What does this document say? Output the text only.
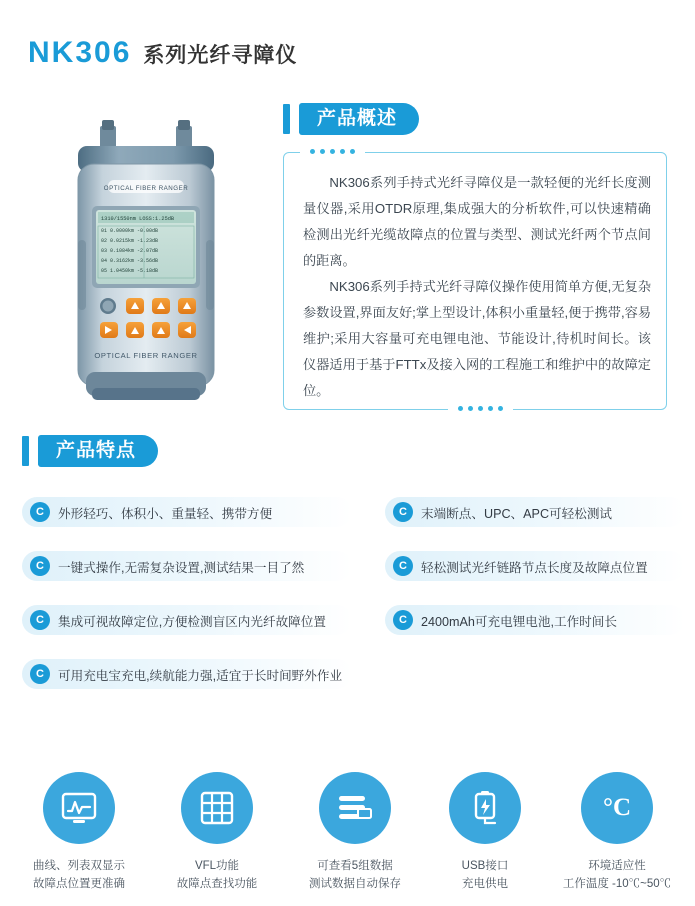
NK306 系列光纤寻障仪
OPTICAL FIBER RANGER
1310/1550nm LOSS:1.25dB
01 0.0000km -0.00dB
02 0.0215km -1.23dB
03 0.1084km -2.07dB
04 0.3162km -3.56dB
05 1.0450km -5.18dB
OPTICAL FIBER RANGER
产品概述

NK306系列手持式光纤寻障仪是一款轻便的光纤长度测量仪器,采用OTDR原理,集成强大的分析软件,可以快速精确检测出光纤光缆故障点的位置与类型、测试光纤两个节点间的距离。

NK306系列手持式光纤寻障仪操作使用简单方便,无复杂参数设置,界面友好;掌上型设计,体积小重量轻,便于携带,容易维护;采用大容量可充电锂电池、节能设计,待机时间长。该仪器适用于基于FTTx及接入网的工程施工和维护中的故障定位。

产品特点
C	外形轻巧、体积小、重量轻、携带方便
C	一键式操作,无需复杂设置,测试结果一目了然
C	集成可视故障定位,方便检测盲区内光纤故障位置
C	可用充电宝充电,续航能力强,适宜于长时间野外作业
C	末端断点、UPC、APC可轻松测试
C	轻松测试光纤链路节点长度及故障点位置
C	2400mAh可充电锂电池,工作时间长
曲线、列表双显示
故障点位置更准确
VFL功能
故障点查找功能
可查看5组数据
测试数据自动保存
USB接口
充电供电
°C
环境适应性
工作温度 -10℃~50℃
